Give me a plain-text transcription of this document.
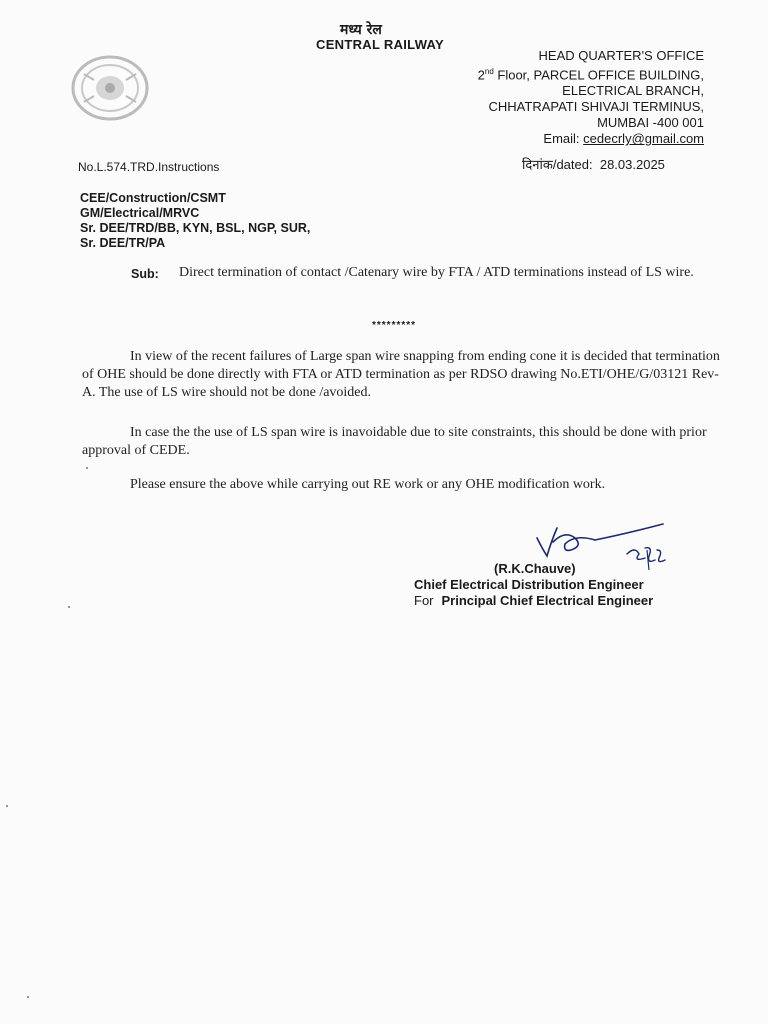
मध्य रेल
CENTRAL RAILWAY
HEAD QUARTER'S OFFICE
2nd Floor, PARCEL OFFICE BUILDING,
ELECTRICAL BRANCH,
CHHATRAPATI SHIVAJI TERMINUS,
MUMBAI -400 001
Email: cedecrly@gmail.com
No.L.574.TRD.Instructions	दिनांक/dated: 28.03.2025
CEE/Construction/CSMT
GM/Electrical/MRVC
Sr. DEE/TRD/BB, KYN, BSL, NGP, SUR,
Sr. DEE/TR/PA
Sub: Direct termination of contact /Catenary wire by FTA / ATD terminations instead of LS wire.
*********
In view of the recent failures of Large span wire snapping from ending cone it is decided that termination of OHE should be done directly with FTA or ATD termination as per RDSO drawing No.ETI/OHE/G/03121 Rev- A. The use of LS wire should not be done /avoided.
In case the the use of LS span wire is inavoidable due to site constraints, this should be done with prior approval of CEDE.
Please ensure the above while carrying out RE work or any OHE modification work.
(R.K.Chauve)
Chief Electrical Distribution Engineer
For Principal Chief Electrical Engineer
